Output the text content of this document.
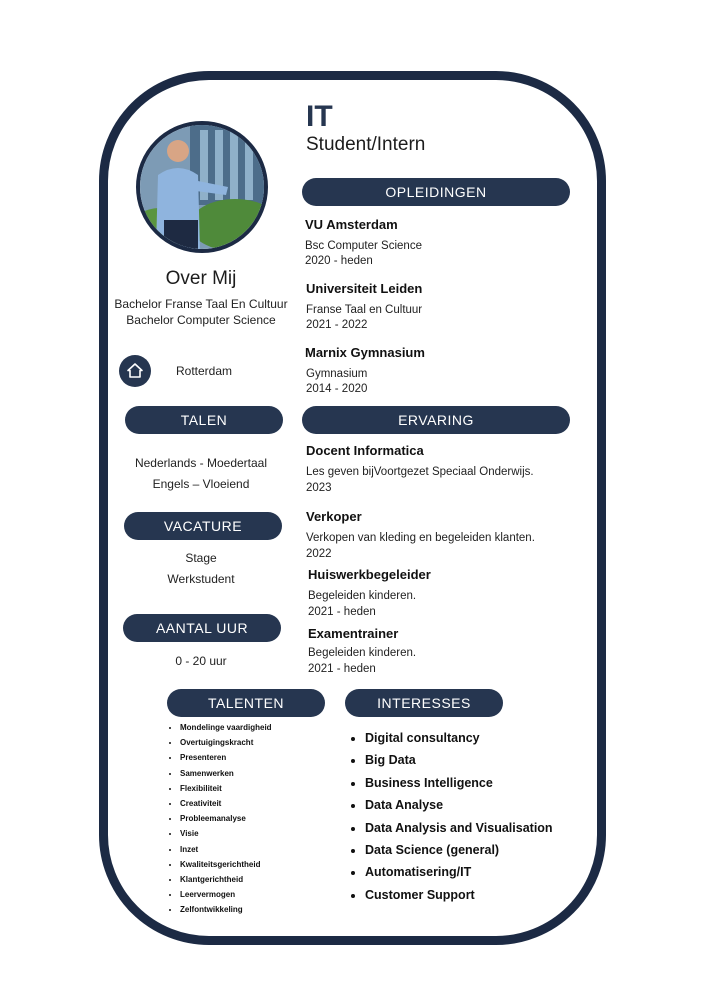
IT
Student/Intern
Over Mij
Bachelor Franse Taal En Cultuur
Bachelor Computer Science
Rotterdam
TALEN
Nederlands - Moedertaal
Engels – Vloeiend
VACATURE
Stage
Werkstudent
AANTAL UUR
0 - 20 uur
OPLEIDINGEN
VU Amsterdam
Bsc Computer Science
2020 - heden
Universiteit Leiden
Franse Taal en Cultuur
2021 - 2022
Marnix Gymnasium
Gymnasium
2014 - 2020
ERVARING
Docent Informatica
Les geven bijVoortgezet Speciaal Onderwijs.
2023
Verkoper
Verkopen van kleding en begeleiden klanten.
2022
Huiswerkbegeleider
Begeleiden kinderen.
2021 - heden
Examentrainer
Begeleiden kinderen.
2021 - heden
TALENTEN	INTERESSES
• Mondelinge vaardigheid
• Overtuigingskracht
• Presenteren
• Samenwerken
• Flexibiliteit
• Creativiteit
• Probleemanalyse
• Visie
• Inzet
• Kwaliteitsgerichtheid
• Klantgerichtheid
• Leervermogen
• Zelfontwikkeling
• Digital consultancy
• Big Data
• Business Intelligence
• Data Analyse
• Data Analysis and Visualisation
• Data Science (general)
• Automatisering/IT
• Customer Support
